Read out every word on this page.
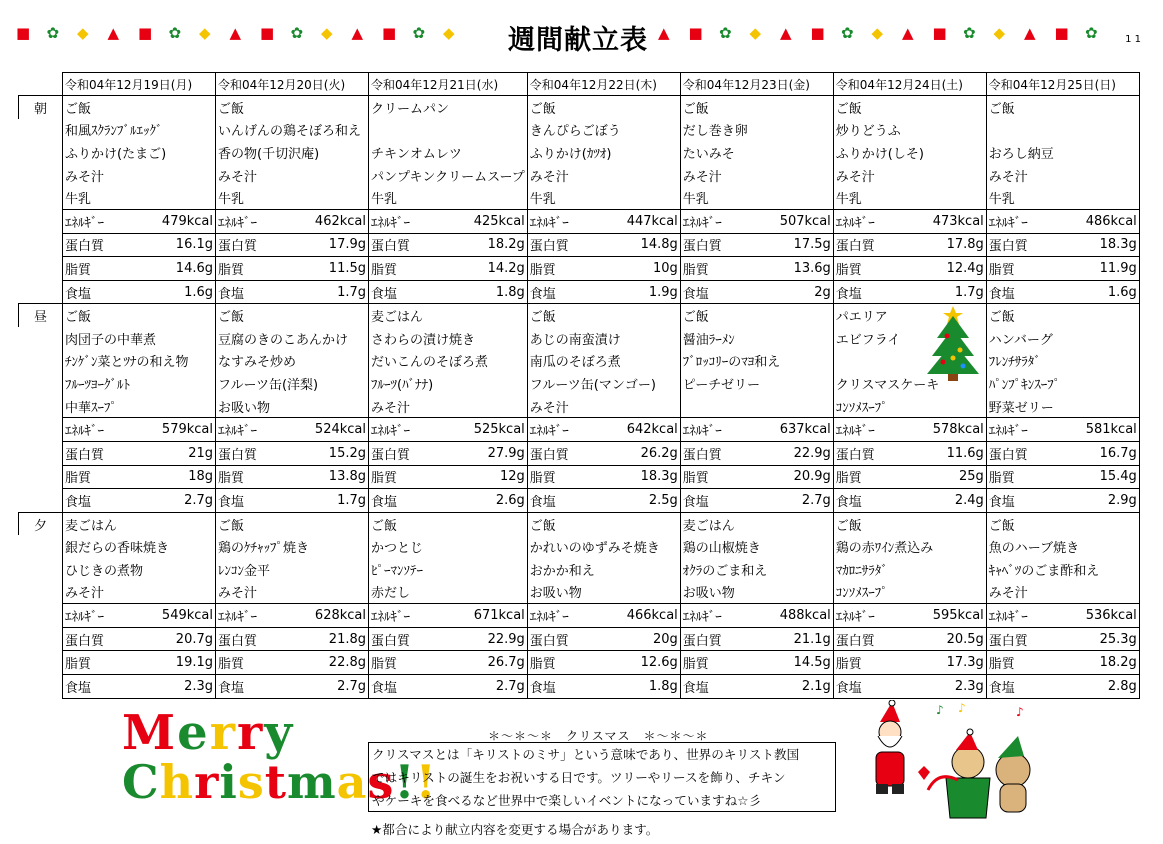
■ ✿ ◆ ▲ ■ ✿ ◆ ▲ ■ ✿ ◆ ▲ ■ ✿ ◆	▲ ■ ✿ ◆ ▲ ■ ✿ ◆ ▲ ■ ✿ ◆ ▲ ■ ✿
週間献立表	1 1
	令和04年12月19日(月)		令和04年12月20日(火)		令和04年12月21日(水)		令和04年12月22日(木)		令和04年12月23日(金)		令和04年12月24日(土)		令和04年12月25日(日)	
朝	ご飯		ご飯		クリームパン		ご飯		ご飯		ご飯		ご飯	
	和風ｽｸﾗﾝﾌﾞﾙｴｯｸﾞ		いんげんの鶏そぼろ和え				きんぴらごぼう		だし巻き卵		炒りどうふ			
	ふりかけ(たまご)		香の物(千切沢庵)		チキンオムレツ		ふりかけ(ｶﾂｵ)		たいみそ		ふりかけ(しそ)		おろし納豆	
	みそ汁		みそ汁		パンプキンクリームスープ		みそ汁		みそ汁		みそ汁		みそ汁	
	牛乳		牛乳		牛乳		牛乳		牛乳		牛乳		牛乳	
	ｴﾈﾙｷﾞｰ	479kcal	ｴﾈﾙｷﾞｰ	462kcal	ｴﾈﾙｷﾞｰ	425kcal	ｴﾈﾙｷﾞｰ	447kcal	ｴﾈﾙｷﾞｰ	507kcal	ｴﾈﾙｷﾞｰ	473kcal	ｴﾈﾙｷﾞｰ	486kcal
	蛋白質	16.1g	蛋白質	17.9g	蛋白質	18.2g	蛋白質	14.8g	蛋白質	17.5g	蛋白質	17.8g	蛋白質	18.3g
	脂質	14.6g	脂質	11.5g	脂質	14.2g	脂質	10g	脂質	13.6g	脂質	12.4g	脂質	11.9g
	食塩	1.6g	食塩	1.7g	食塩	1.8g	食塩	1.9g	食塩	2g	食塩	1.7g	食塩	1.6g
昼	ご飯		ご飯		麦ごはん		ご飯		ご飯		パエリア		ご飯	
	肉団子の中華煮		豆腐のきのこあんかけ		さわらの漬け焼き		あじの南蛮漬け		醤油ﾗｰﾒﾝ		エビフライ		ハンバーグ	
	ﾁﾝｹﾞﾝ菜とﾂﾅの和え物		なすみそ炒め		だいこんのそぼろ煮		南瓜のそぼろ煮		ﾌﾞﾛｯｺﾘｰのﾏﾖ和え				ﾌﾚﾝﾁｻﾗﾀﾞ	
	ﾌﾙｰﾂﾖｰｸﾞﾙﾄ		フルーツ缶(洋梨)		ﾌﾙｰﾂ(ﾊﾞﾅﾅ)		フルーツ缶(マンゴー)		ピーチゼリー		クリスマスケーキ		ﾊﾟﾝﾌﾟｷﾝｽｰﾌﾟ	
	中華ｽｰﾌﾟ		お吸い物		みそ汁		みそ汁				ｺﾝｿﾒｽｰﾌﾟ		野菜ゼリー	
	ｴﾈﾙｷﾞｰ	579kcal	ｴﾈﾙｷﾞｰ	524kcal	ｴﾈﾙｷﾞｰ	525kcal	ｴﾈﾙｷﾞｰ	642kcal	ｴﾈﾙｷﾞｰ	637kcal	ｴﾈﾙｷﾞｰ	578kcal	ｴﾈﾙｷﾞｰ	581kcal
	蛋白質	21g	蛋白質	15.2g	蛋白質	27.9g	蛋白質	26.2g	蛋白質	22.9g	蛋白質	11.6g	蛋白質	16.7g
	脂質	18g	脂質	13.8g	脂質	12g	脂質	18.3g	脂質	20.9g	脂質	25g	脂質	15.4g
	食塩	2.7g	食塩	1.7g	食塩	2.6g	食塩	2.5g	食塩	2.7g	食塩	2.4g	食塩	2.9g
夕	麦ごはん		ご飯		ご飯		ご飯		麦ごはん		ご飯		ご飯	
	銀だらの香味焼き		鶏のｹﾁｬｯﾌﾟ焼き		かつとじ		かれいのゆずみそ焼き		鶏の山椒焼き		鶏の赤ﾜｲﾝ煮込み		魚のハーブ焼き	
	ひじきの煮物		ﾚﾝｺﾝ金平		ﾋﾟｰﾏﾝｿﾃｰ		おかか和え		ｵｸﾗのごま和え		ﾏｶﾛﾆｻﾗﾀﾞ		ｷｬﾍﾞﾂのごま酢和え	
	みそ汁		みそ汁		赤だし		お吸い物		お吸い物		ｺﾝｿﾒｽｰﾌﾟ		みそ汁	
	ｴﾈﾙｷﾞｰ	549kcal	ｴﾈﾙｷﾞｰ	628kcal	ｴﾈﾙｷﾞｰ	671kcal	ｴﾈﾙｷﾞｰ	466kcal	ｴﾈﾙｷﾞｰ	488kcal	ｴﾈﾙｷﾞｰ	595kcal	ｴﾈﾙｷﾞｰ	536kcal
	蛋白質	20.7g	蛋白質	21.8g	蛋白質	22.9g	蛋白質	20g	蛋白質	21.1g	蛋白質	20.5g	蛋白質	25.3g
	脂質	19.1g	脂質	22.8g	脂質	26.7g	脂質	12.6g	脂質	14.5g	脂質	17.3g	脂質	18.2g
	食塩	2.3g	食塩	2.7g	食塩	2.7g	食塩	1.8g	食塩	2.1g	食塩	2.3g	食塩	2.8g
Merry
Christmas!!
＊～＊～＊　クリスマス　＊～＊～＊
クリスマスとは「キリストのミサ」という意味であり、世界のキリスト教国
ではキリストの誕生をお祝いする日です。ツリーやリースを飾り、チキン
やケーキを食べるなど世界中で楽しいイベントになっていますね☆彡
★都合により献立内容を変更する場合があります。
♪ ♪	♪
